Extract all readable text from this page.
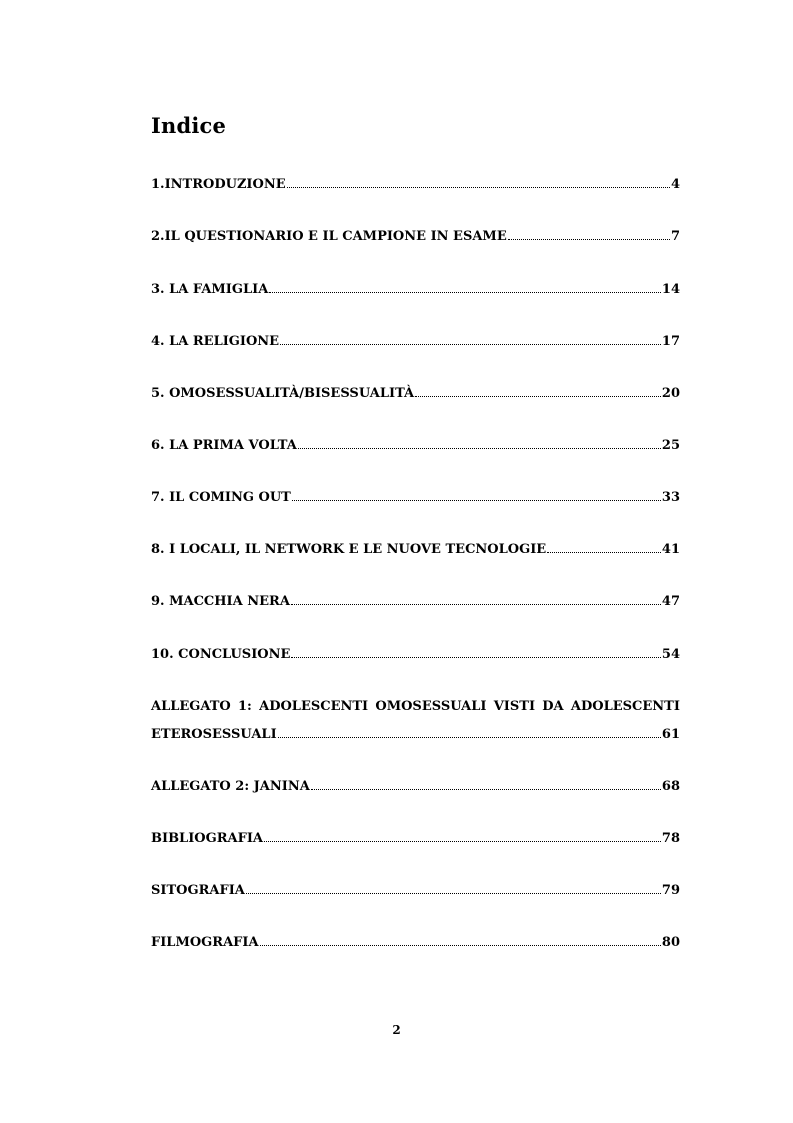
Indice
1.INTRODUZIONE	4
2.IL QUESTIONARIO E IL CAMPIONE IN ESAME	7
3. LA FAMIGLIA	14
4. LA RELIGIONE	17
5. OMOSESSUALITÀ/BISESSUALITÀ	20
6. LA PRIMA VOLTA	25
7. IL COMING OUT	33
8. I LOCALI, IL NETWORK E LE NUOVE TECNOLOGIE	41
9. MACCHIA NERA	47
10. CONCLUSIONE	54
ALLEGATO 1: ADOLESCENTI OMOSESSUALI VISTI DA ADOLESCENTI
ETEROSESSUALI	61
ALLEGATO 2: JANINA	68
BIBLIOGRAFIA	78
SITOGRAFIA	79
FILMOGRAFIA	80
2
